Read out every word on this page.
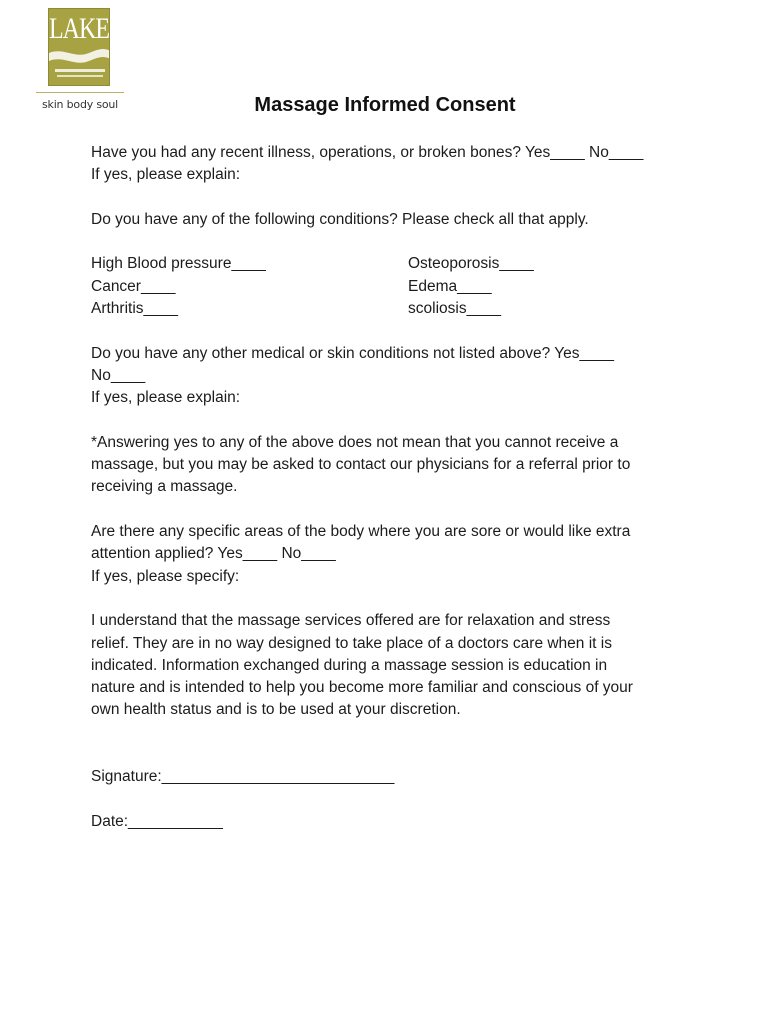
LAKE
skin body soul	Massage Informed Consent

Have you had any recent illness, operations, or broken bones? Yes____ No____

If yes, please explain:

Do you have any of the following conditions? Please check all that apply.

High Blood pressure____

Cancer____

Arthritis____

Osteoporosis____

Edema____

scoliosis____

Do you have any other medical or skin conditions not listed above? Yes____

No____

If yes, please explain:

*Answering yes to any of the above does not mean that you cannot receive a

massage, but you may be asked to contact our physicians for a referral prior to

receiving a massage.

Are there any specific areas of the body where you are sore or would like extra

attention applied? Yes____ No____

If yes, please specify:

I understand that the massage services offered are for relaxation and stress

relief. They are in no way designed to take place of a doctors care when it is

indicated. Information exchanged during a massage session is education in

nature and is intended to help you become more familiar and conscious of your

own health status and is to be used at your discretion.

Signature:___________________________

Date:___________
